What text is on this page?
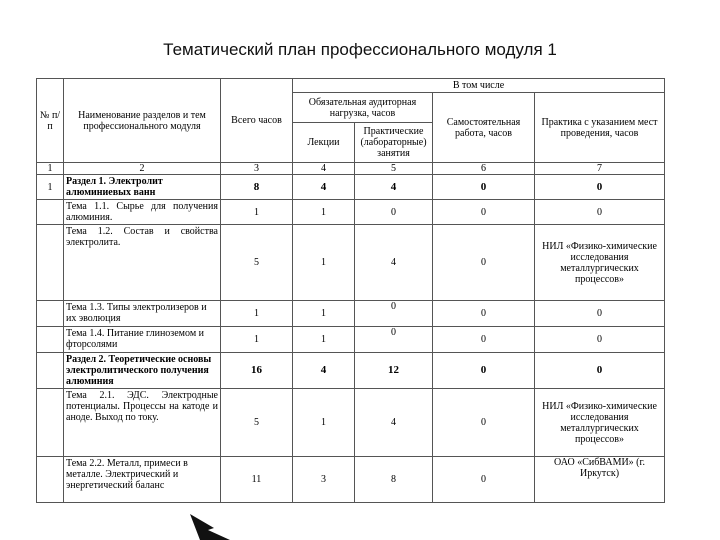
Тематический план профессионального модуля 1
№ п/п	Наименование разделов и тем профессионального модуля	Всего часов	В том числе			
			Обязательная аудиторная нагрузка, часов		Самостоятельная работа, часов	Практика с указанием мест проведения, часов
			Лекции	Практические (лабораторные) занятия		
1	2	3	4	5	6	7
1	Раздел 1. Электролит алюминиевых ванн	8	4	4	0	0
	Тема 1.1. Сырье для получения алюминия.	1	1	0	0	0
	Тема 1.2. Состав и свойства электролита.	5	1	4	0	НИЛ «Физико-химические исследования металлургических процессов»
	Тема 1.3. Типы электролизеров и их эволюция	1	1	0	0	0
	Тема 1.4. Питание глиноземом и фторсолями	1	1	0	0	0
	Раздел 2. Теоретические основы электролитического получения алюминия	16	4	12	0	0
	Тема 2.1. ЭДС. Электродные потенциалы. Процессы на катоде и аноде. Выход по току.	5	1	4	0	НИЛ «Физико-химические исследования металлургических процессов»
	Тема 2.2. Металл, примеси в металле. Электрический и энергетический баланс	11	3	8	0	ОАО «СибВАМИ» (г. Иркутск)
